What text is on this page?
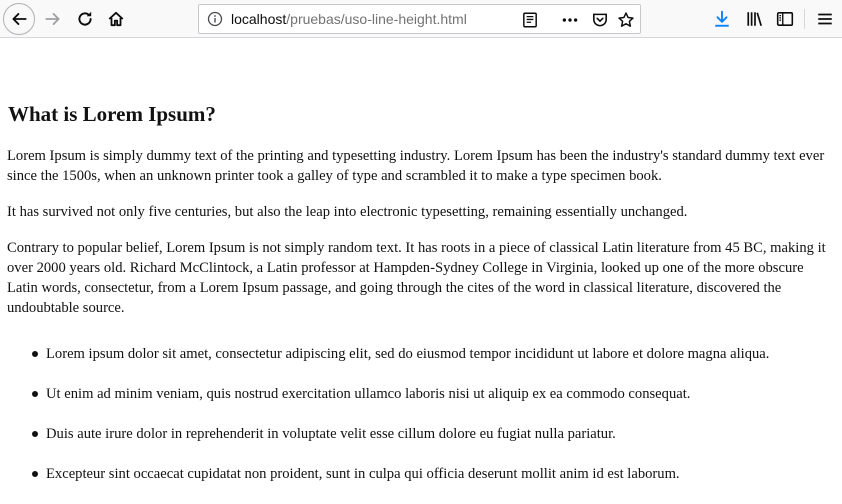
localhost/pruebas/uso-line-height.html
What is Lorem Ipsum?

Lorem Ipsum is simply dummy text of the printing and typesetting industry. Lorem Ipsum has been the industry's standard dummy text ever since the 1500s, when an unknown printer took a galley of type and scrambled it to make a type specimen book.

It has survived not only five centuries, but also the leap into electronic typesetting, remaining essentially unchanged.

Contrary to popular belief, Lorem Ipsum is not simply random text. It has roots in a piece of classical Latin literature from 45 BC, making it over 2000 years old. Richard McClintock, a Latin professor at Hampden-Sydney College in Virginia, looked up one of the more obscure Latin words, consectetur, from a Lorem Ipsum passage, and going through the cites of the word in classical literature, discovered the undoubtable source.

Lorem ipsum dolor sit amet, consectetur adipiscing elit, sed do eiusmod tempor incididunt ut labore et dolore magna aliqua.
Ut enim ad minim veniam, quis nostrud exercitation ullamco laboris nisi ut aliquip ex ea commodo consequat.
Duis aute irure dolor in reprehenderit in voluptate velit esse cillum dolore eu fugiat nulla pariatur.
Excepteur sint occaecat cupidatat non proident, sunt in culpa qui officia deserunt mollit anim id est laborum.
